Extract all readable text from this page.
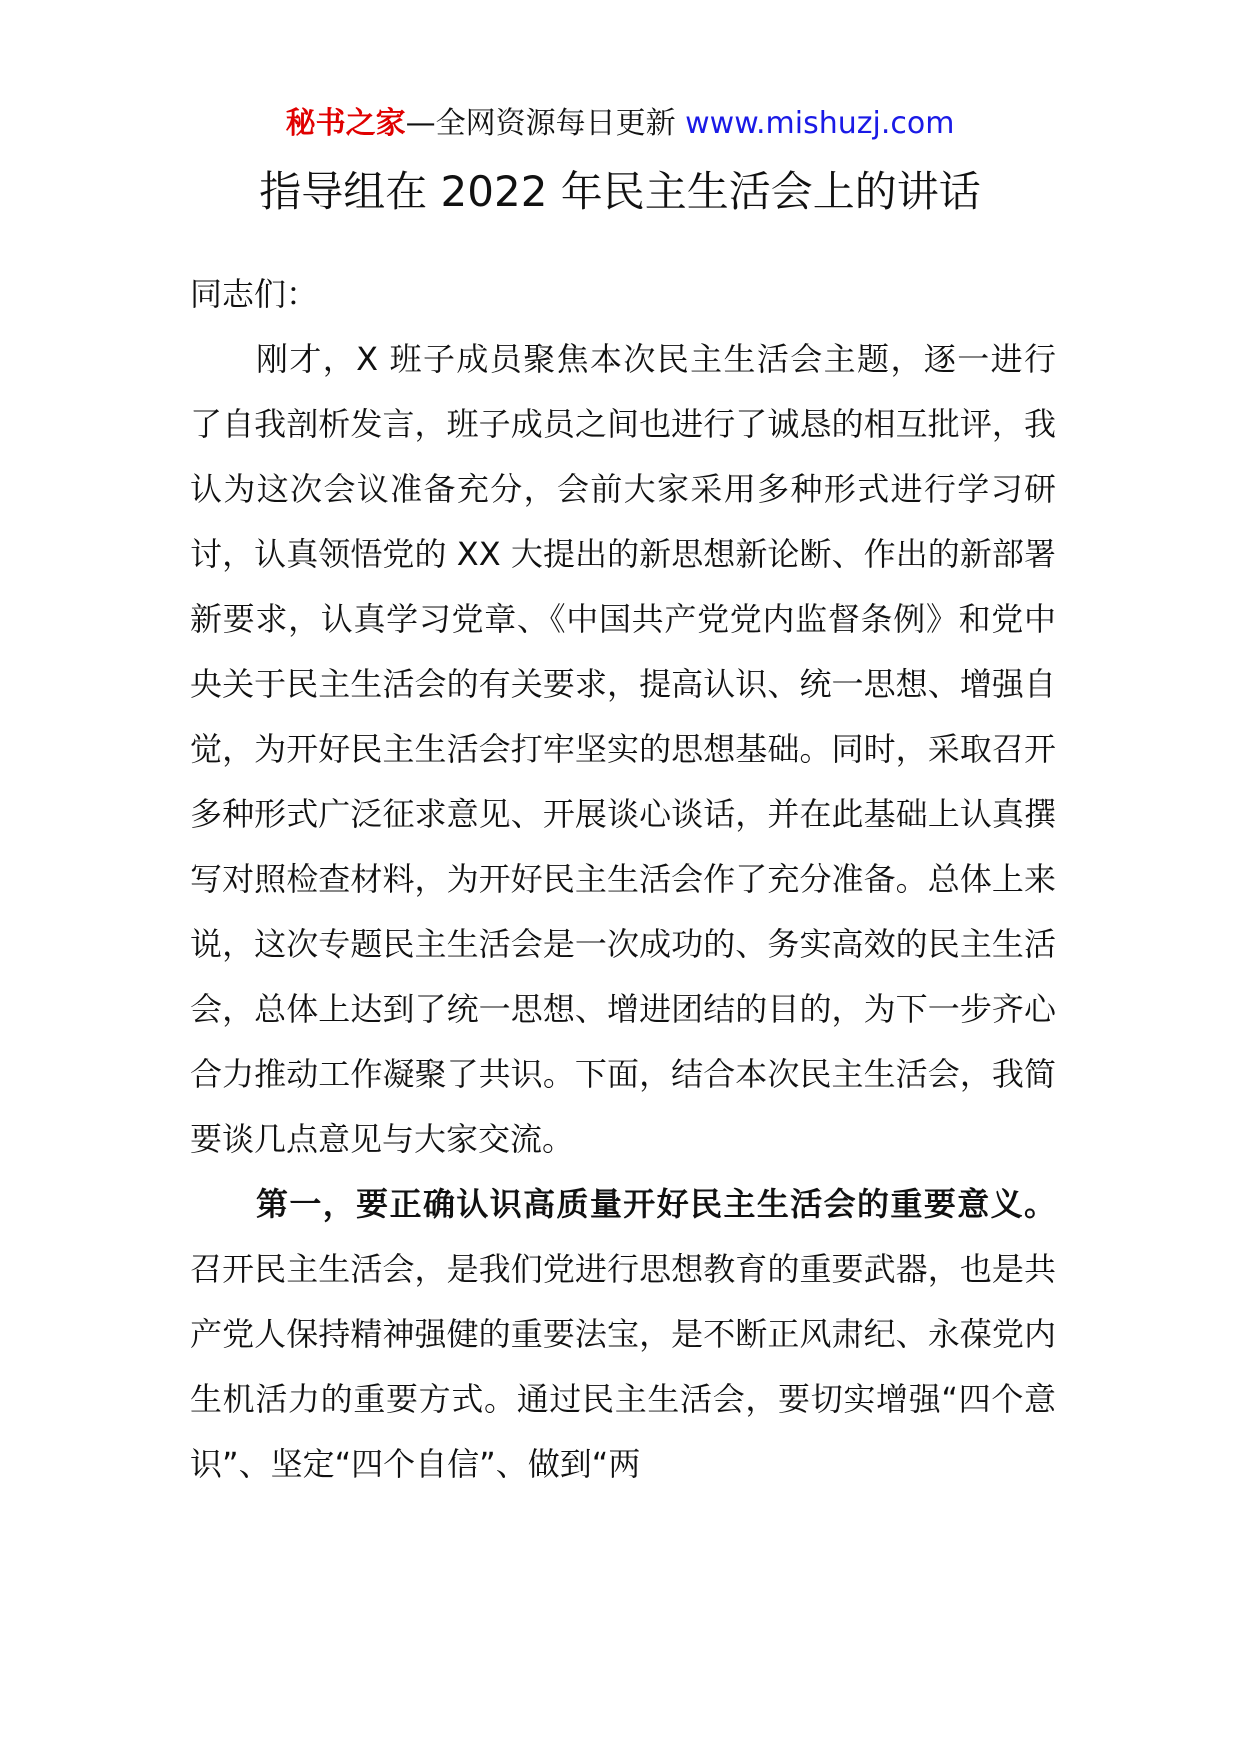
秘书之家—全网资源每日更新 www.mishuzj.com
指导组在 2022 年民主生活会上的讲话

同志们：

刚才，X 班子成员聚焦本次民主生活会主题，逐一进行了自我剖析发言，班子成员之间也进行了诚恳的相互批评，我认为这次会议准备充分，会前大家采用多种形式进行学习研讨，认真领悟党的 XX 大提出的新思想新论断、作出的新部署新要求，认真学习党章、《中国共产党党内监督条例》和党中央关于民主生活会的有关要求，提高认识、统一思想、增强自觉，为开好民主生活会打牢坚实的思想基础。同时，采取召开多种形式广泛征求意见、开展谈心谈话，并在此基础上认真撰写对照检查材料，为开好民主生活会作了充分准备。总体上来说，这次专题民主生活会是一次成功的、务实高效的民主生活会，总体上达到了统一思想、增进团结的目的，为下一步齐心合力推动工作凝聚了共识。下面，结合本次民主生活会，我简要谈几点意见与大家交流。

第一，要正确认识高质量开好民主生活会的重要意义。召开民主生活会，是我们党进行思想教育的重要武器，也是共产党人保持精神强健的重要法宝，是不断正风肃纪、永葆党内生机活力的重要方式。通过民主生活会，要切实增强“四个意识”、坚定“四个自信”、做到“两
